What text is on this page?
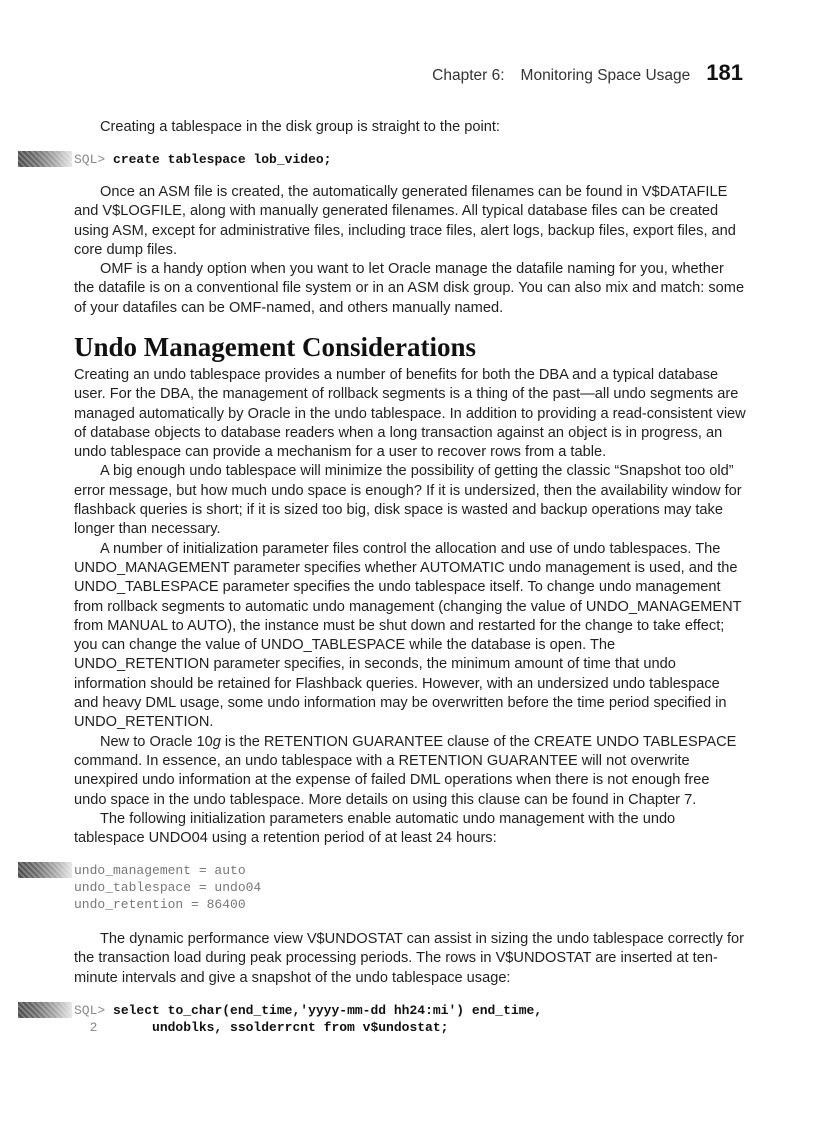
Chapter 6: Monitoring Space Usage 181

Creating a tablespace in the disk group is straight to the point:

SQL> create tablespace lob_video;

Once an ASM file is created, the automatically generated filenames can be found in V$DATAFILE and V$LOGFILE, along with manually generated filenames. All typical database files can be created using ASM, except for administrative files, including trace files, alert logs, backup files, export files, and core dump files.

OMF is a handy option when you want to let Oracle manage the datafile naming for you, whether the datafile is on a conventional file system or in an ASM disk group. You can also mix and match: some of your datafiles can be OMF-named, and others manually named.

Undo Management Considerations

Creating an undo tablespace provides a number of benefits for both the DBA and a typical database user. For the DBA, the management of rollback segments is a thing of the past—all undo segments are managed automatically by Oracle in the undo tablespace. In addition to providing a read-consistent view of database objects to database readers when a long transaction against an object is in progress, an undo tablespace can provide a mechanism for a user to recover rows from a table.

A big enough undo tablespace will minimize the possibility of getting the classic “Snapshot too old” error message, but how much undo space is enough? If it is undersized, then the availability window for flashback queries is short; if it is sized too big, disk space is wasted and backup operations may take longer than necessary.

A number of initialization parameter files control the allocation and use of undo tablespaces. The UNDO_MANAGEMENT parameter specifies whether AUTOMATIC undo management is used, and the UNDO_TABLESPACE parameter specifies the undo tablespace itself. To change undo management from rollback segments to automatic undo management (changing the value of UNDO_MANAGEMENT from MANUAL to AUTO), the instance must be shut down and restarted for the change to take effect; you can change the value of UNDO_TABLESPACE while the database is open. The UNDO_RETENTION parameter specifies, in seconds, the minimum amount of time that undo information should be retained for Flashback queries. However, with an undersized undo tablespace and heavy DML usage, some undo information may be overwritten before the time period specified in UNDO_RETENTION.

New to Oracle 10g is the RETENTION GUARANTEE clause of the CREATE UNDO TABLESPACE command. In essence, an undo tablespace with a RETENTION GUARANTEE will not overwrite unexpired undo information at the expense of failed DML operations when there is not enough free undo space in the undo tablespace. More details on using this clause can be found in Chapter 7.

The following initialization parameters enable automatic undo management with the undo tablespace UNDO04 using a retention period of at least 24 hours:

undo_management = auto
undo_tablespace = undo04
undo_retention = 86400

The dynamic performance view V$UNDOSTAT can assist in sizing the undo tablespace correctly for the transaction load during peak processing periods. The rows in V$UNDOSTAT are inserted at ten-minute intervals and give a snapshot of the undo tablespace usage:

SQL> select to_char(end_time,'yyyy-mm-dd hh24:mi') end_time,
2	undoblks, ssolderrcnt from v$undostat;
